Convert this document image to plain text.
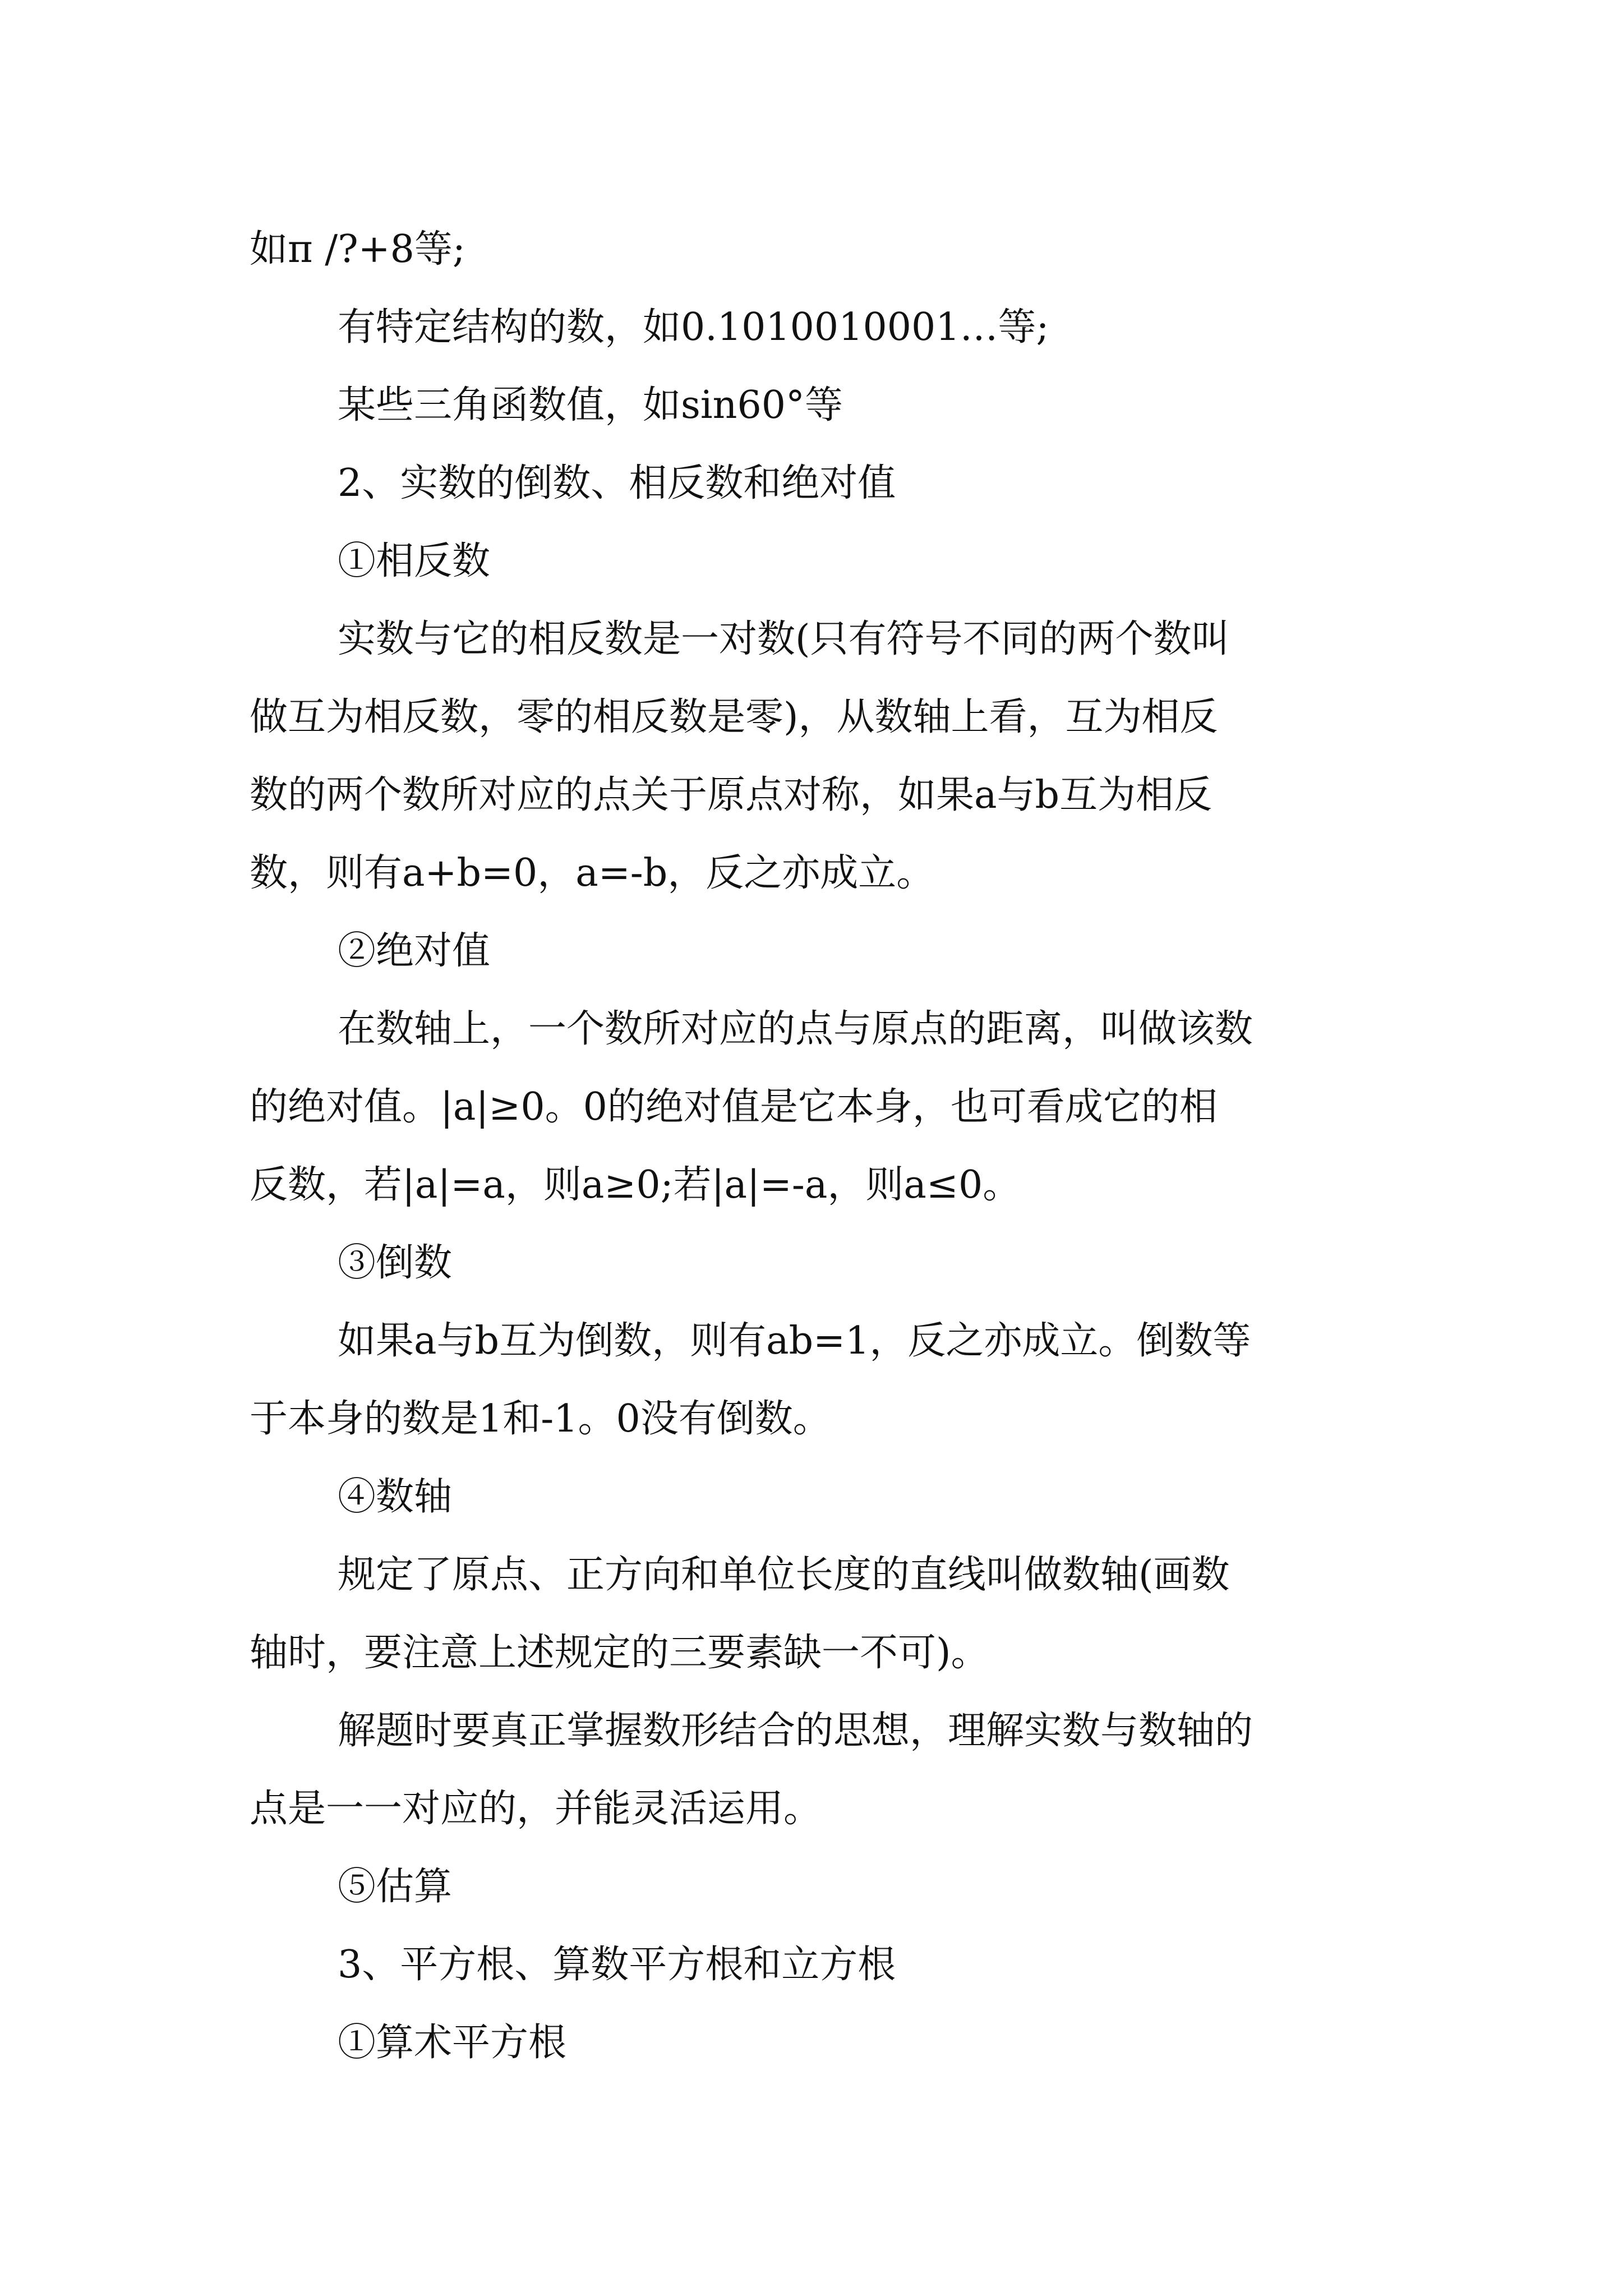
如π /?+8等;

有特定结构的数，如0.1010010001…等;

某些三角函数值，如sin60°等

2、实数的倒数、相反数和绝对值

①相反数

实数与它的相反数是一对数(只有符号不同的两个数叫
做互为相反数，零的相反数是零)，从数轴上看，互为相反
数的两个数所对应的点关于原点对称，如果a与b互为相反
数，则有a+b=0，a=-b，反之亦成立。

②绝对值

在数轴上，一个数所对应的点与原点的距离，叫做该数
的绝对值。|a|≥0。0的绝对值是它本身，也可看成它的相
反数，若|a|=a，则a≥0;若|a|=-a，则a≤0。

③倒数

如果a与b互为倒数，则有ab=1，反之亦成立。倒数等
于本身的数是1和-1。0没有倒数。

④数轴

规定了原点、正方向和单位长度的直线叫做数轴(画数
轴时，要注意上述规定的三要素缺一不可)。
解题时要真正掌握数形结合的思想，理解实数与数轴的
点是一一对应的，并能灵活运用。

⑤估算

3、平方根、算数平方根和立方根

①算术平方根
